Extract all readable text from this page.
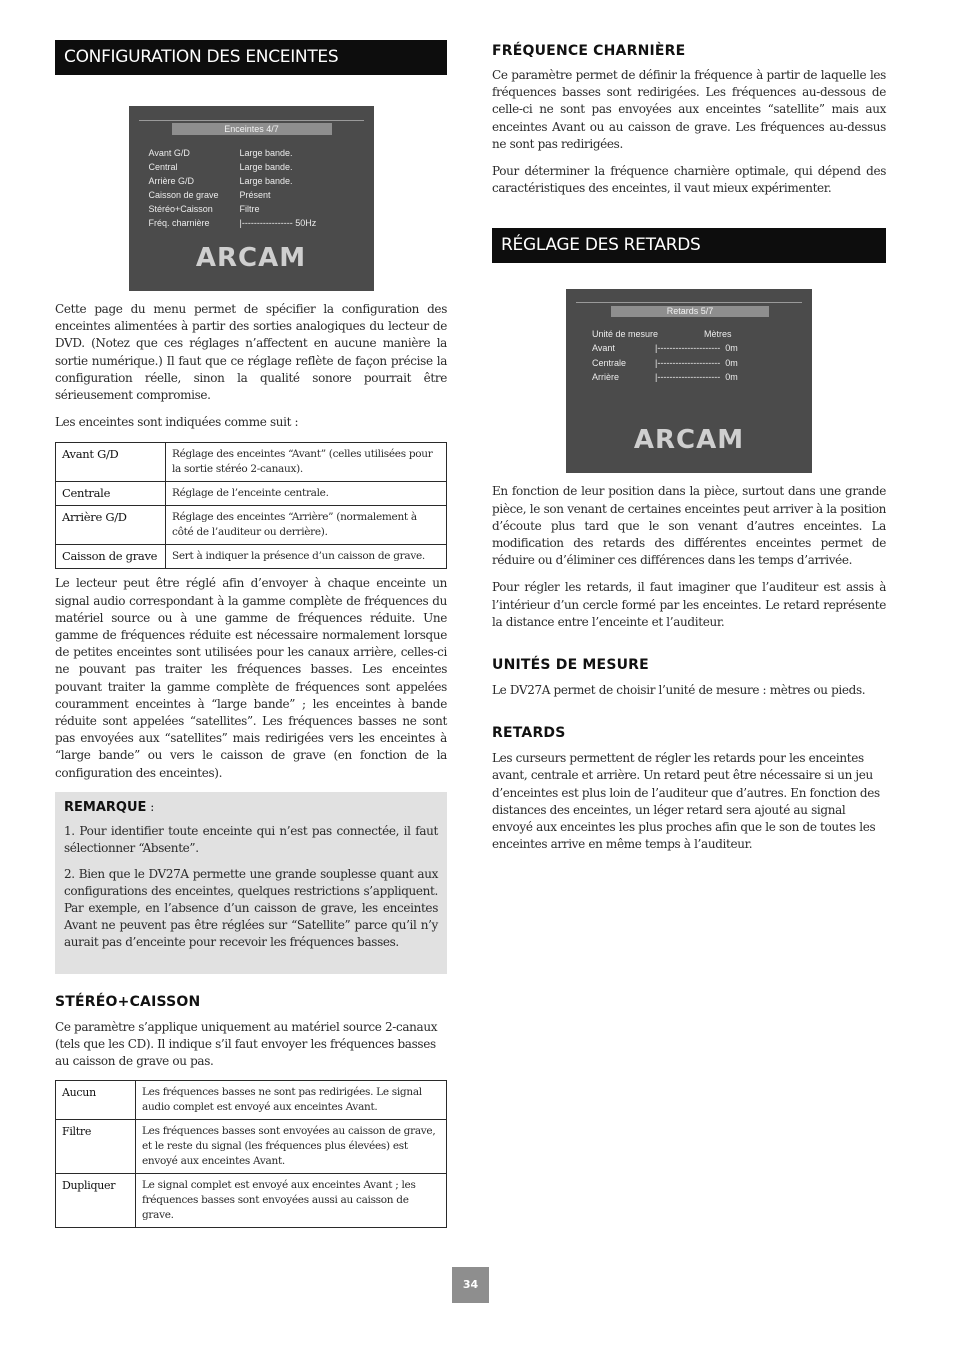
CONFIGURATION DES ENCEINTES
Enceintes 4/7
Avant G/D	Large bande.
Central	Large bande.
Arrière G/D	Large bande.
Caisson de grave Présent
Stéréo+Caisson	Filtre
Fréq. charnière	|----------------- 50Hz
ARCAM

Cette page du menu permet de spécifier la configuration des enceintes alimentées à partir des sorties analogiques du lecteur de DVD. (Notez que ces réglages n’affectent en aucune manière la sortie numérique.) Il faut que ce réglage reflète de façon précise la configuration réelle, sinon la qualité sonore pourrait être sérieusement compromise.

Les enceintes sont indiquées comme suit :

Avant G/D	Réglage des enceintes “Avant” (celles utilisées pour la sortie stéréo 2-canaux).
Centrale	Réglage de l’enceinte centrale.
Arrière G/D	Réglage des enceintes “Arrière” (normalement à côté de l’auditeur ou derrière).
Caisson de grave	Sert à indiquer la présence d’un caisson de grave.

Le lecteur peut être réglé afin d’envoyer à chaque enceinte un signal audio correspondant à la gamme complète de fréquences du matériel source ou à une gamme de fréquences réduite. Une gamme de fréquences réduite est nécessaire normalement lorsque de petites enceintes sont utilisées pour les canaux arrière, celles-ci ne pouvant pas traiter les fréquences basses. Les enceintes pouvant traiter la gamme complète de fréquences sont appelées couramment enceintes à “large bande” ; les enceintes à bande réduite sont appelées “satellites”. Les fréquences basses ne sont pas envoyées aux “satellites” mais redirigées vers les enceintes à “large bande” ou vers le caisson de grave (en fonction de la configuration des enceintes).

REMARQUE :

1. Pour identifier toute enceinte qui n’est pas connectée, il faut sélectionner “Absente”.

2. Bien que le DV27A permette une grande souplesse quant aux configurations des enceintes, quelques restrictions s’appliquent. Par exemple, en l’absence d’un caisson de grave, les enceintes Avant ne peuvent pas être réglées sur “Satellite” parce qu’il n’y aurait pas d’enceinte pour recevoir les fréquences basses.

STÉRÉO+CAISSON

Ce paramètre s’applique uniquement au matériel source 2-canaux (tels que les CD). Il indique s’il faut envoyer les fréquences basses au caisson de grave ou pas.

Aucun	Les fréquences basses ne sont pas redirigées. Le signal audio complet est envoyé aux enceintes Avant.
Filtre	Les fréquences basses sont envoyées au caisson de grave, et le reste du signal (les fréquences plus élevées) est envoyé aux enceintes Avant.
Dupliquer	Le signal complet est envoyé aux enceintes Avant ; les fréquences basses sont envoyées aussi au caisson de grave.
FRÉQUENCE CHARNIÈRE

Ce paramètre permet de définir la fréquence à partir de laquelle les fréquences basses sont redirigées. Les fréquences au-dessous de celle-ci ne sont pas envoyées aux enceintes “satellite” mais aux enceintes Avant ou au caisson de grave. Les fréquences au-dessus ne sont pas redirigées.

Pour déterminer la fréquence charnière optimale, qui dépend des caractéristiques des enceintes, il vaut mieux expérimenter.

RÉGLAGE DES RETARDS
Retards 5/7
Unité de mesure	Mètres
Avant	|---------------------  0m
Centrale	|---------------------  0m
Arrière	|---------------------  0m
ARCAM

En fonction de leur position dans la pièce, surtout dans une grande pièce, le son venant de certaines enceintes peut arriver à la position d’écoute plus tard que le son venant d’autres enceintes. La modification des retards des différentes enceintes permet de réduire ou d’éliminer ces différences dans les temps d’arrivée.

Pour régler les retards, il faut imaginer que l’auditeur est assis à l’intérieur d’un cercle formé par les enceintes. Le retard représente la distance entre l’enceinte et l’auditeur.

UNITÉS DE MESURE

Le DV27A permet de choisir l’unité de mesure : mètres ou pieds.

RETARDS

Les curseurs permettent de régler les retards pour les enceintes avant, centrale et arrière. Un retard peut être nécessaire si un jeu d’enceintes est plus loin de l’auditeur que d’autres. En fonction des distances des enceintes, un léger retard sera ajouté au signal envoyé aux enceintes les plus proches afin que le son de toutes les enceintes arrive en même temps à l’auditeur.

34
